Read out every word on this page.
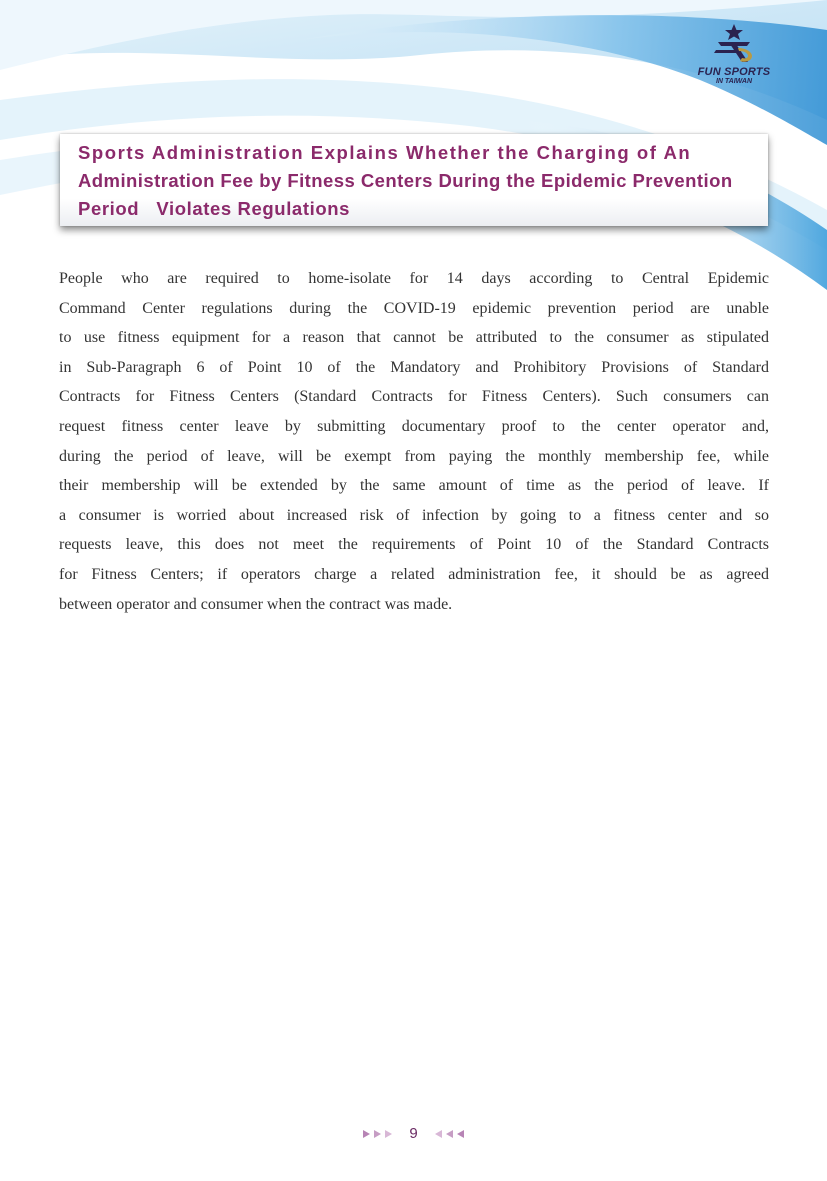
FUN SPORTS
IN TAIWAN
Sports Administration Explains Whether the Charging of An
Administration Fee by Fitness Centers During the Epidemic Prevention
Period   Violates Regulations
People who are required to home-isolate for 14 days according to Central Epidemic
Command Center regulations during the COVID-19 epidemic prevention period are unable
to use fitness equipment for a reason that cannot be attributed to the consumer as stipulated
in Sub-Paragraph 6 of Point 10 of the Mandatory and Prohibitory Provisions of Standard
Contracts for Fitness Centers (Standard Contracts for Fitness Centers). Such consumers can
request fitness center leave by submitting documentary proof to the center operator and,
during the period of leave, will be exempt from paying the monthly membership fee, while
their membership will be extended by the same amount of time as the period of leave. If
a consumer is worried about increased risk of infection by going to a fitness center and so
requests leave, this does not meet the requirements of Point 10 of the Standard Contracts
for Fitness Centers; if operators charge a related administration fee, it should be as agreed
between operator and consumer when the contract was made.
9
